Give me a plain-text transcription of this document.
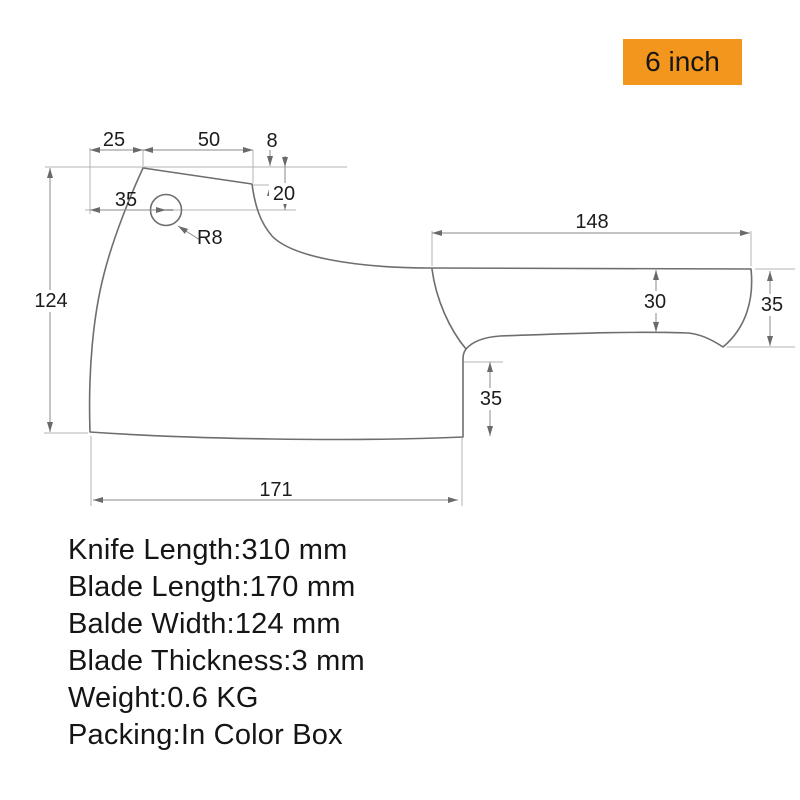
6 inch
25	50 8
20
35
R8
148
30	35
35
124
171
Knife Length:310 mm
Blade Length:170 mm
Balde Width:124 mm
Blade Thickness:3 mm
Weight:0.6 KG
Packing:In Color Box
